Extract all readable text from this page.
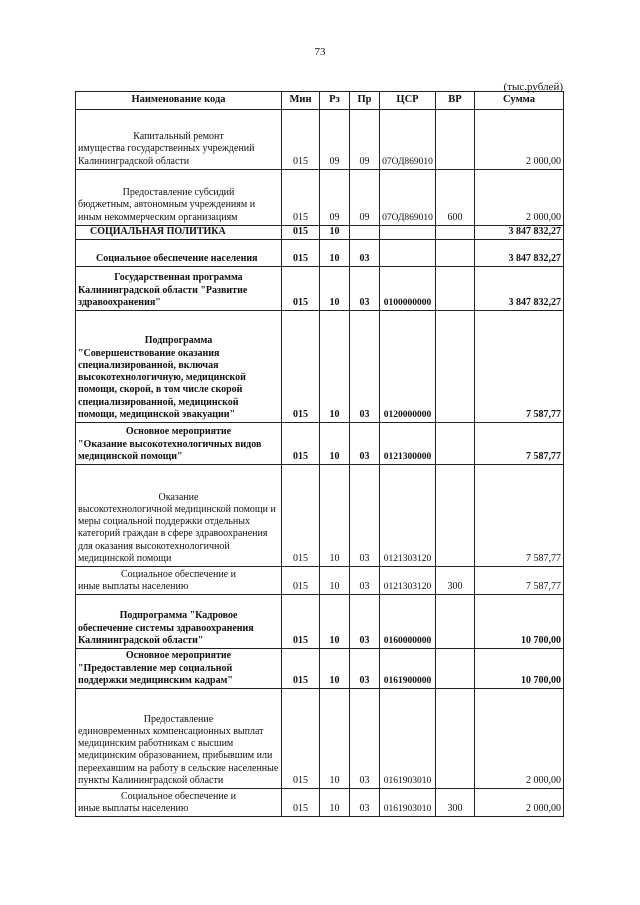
73
(тыс.рублей)
Наименование кода	Мин	Рз	Пр	ЦСР	ВР	Сумма

Капитальный ремонт
имущества государственных учреждений Калининградской области	015	09	09	07ОД869010		2 000,00

Предоставление субсидий
бюджетным, автономным учреждениям и иным некоммерческим организациям	015	09	09	07ОД869010	600	2 000,00
СОЦИАЛЬНАЯ ПОЛИТИКА	015	10				3 847 832,27
Социальное обеспечение населения	015	10	03			3 847 832,27

Государственная программа
Калининградской области "Развитие здравоохранения"	015	10	03	0100000000		3 847 832,27

Подпрограмма
"Совершенствование оказания специализированной, включая высокотехнологичную, медицинской помощи, скорой, в том числе скорой специализированной, медицинской помощи, медицинской эвакуации"	015	10	03	0120000000		7 587,77

Основное мероприятие
"Оказание высокотехнологичных видов медицинской помощи"	015	10	03	0121300000		7 587,77

Оказание
высокотехнологичной медицинской помощи и меры социальной поддержки отдельных категорий граждан в сфере здравоохранения для оказания высокотехнологичной медицинской помощи	015	10	03	0121303120		7 587,77

Социальное обеспечение и
иные выплаты населению	015	10	03	0121303120	300	7 587,77

Подпрограмма "Кадровое
обеспечение системы здравоохранения Калининградской области"	015	10	03	0160000000		10 700,00

Основное мероприятие
"Предоставление мер социальной поддержки медицинским кадрам"	015	10	03	0161900000		10 700,00

Предоставление
единовременных компенсационных выплат медицинским работникам с высшим медицинским образованием, прибывшим или переехавшим на работу в сельские населенные пункты Калининградской области	015	10	03	0161903010		2 000,00

Социальное обеспечение и
иные выплаты населению	015	10	03	0161903010	300	2 000,00
